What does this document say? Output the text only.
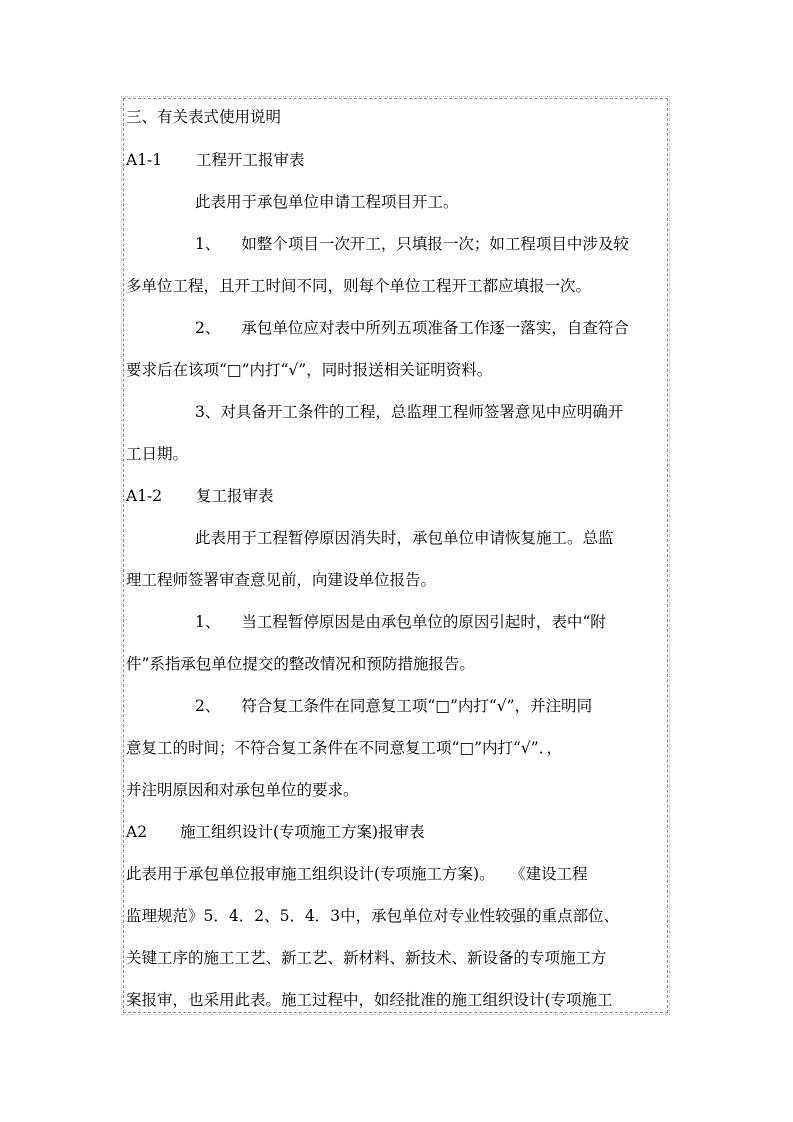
三、有关表式使用说明
A1-1 工程开工报审表
此表用于承包单位申请工程项目开工。
1、 如整个项目一次开工，只填报一次；如工程项目中涉及较
多单位工程，且开工时间不同，则每个单位工程开工都应填报一次。
2、 承包单位应对表中所列五项准备工作逐一落实，自查符合
要求后在该项“□”内打“√”，同时报送相关证明资料。
3、对具备开工条件的工程，总监理工程师签署意见中应明确开
工日期。
A1-2 复工报审表
此表用于工程暂停原因消失时，承包单位申请恢复施工。总监
理工程师签署审查意见前，向建设单位报告。
1、 当工程暂停原因是由承包单位的原因引起时，表中“附
件”系指承包单位提交的整改情况和预防措施报告。
2、 符合复工条件在同意复工项“□”内打“√”，并注明同
意复工的时间；不符合复工条件在不同意复工项“□”内打“√”．，
并注明原因和对承包单位的要求。
A2 施工组织设计(专项施工方案)报审表
此表用于承包单位报审施工组织设计(专项施工方案)。　　《建设工程
监理规范》5．4．2、5．4．3中，承包单位对专业性较强的重点部位、
关键工序的施工工艺、新工艺、新材料、新技术、新设备的专项施工方
案报审，也采用此表。施工过程中，如经批准的施工组织设计(专项施工
